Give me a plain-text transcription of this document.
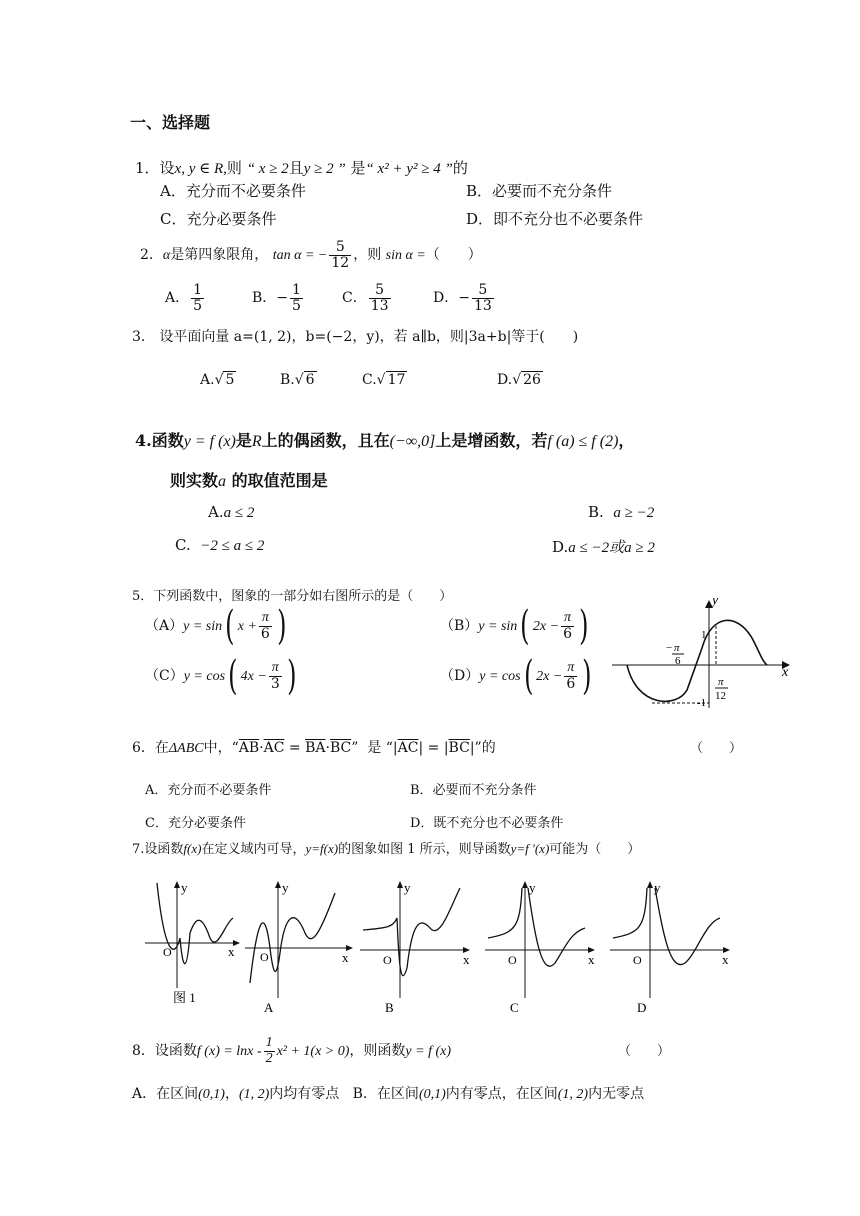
一、选择题
1．设x, y ∈ R,则 “ x ≥ 2且y ≥ 2 ” 是“ x² + y² ≥ 4 ”的
A．充分而不必要条件	B．必要而不充分条件
C．充分必要条件	D．即不充分也不必要条件
2．α是第四象限角， tan α = − $\frac{5}{12}$ ，则 sin α =（　　）
A． $\frac{1}{5}$	B．− $\frac{1}{5}$	C． $\frac{5}{13}$	D．− $\frac{5}{13}$
3． 设平面向量 a=(1, 2)，b=(−2，y)，若 a∥b，则|3a+b|等于(　　)
A.√ 5	B.√ 6	C.√ 17	D.√ 26
4.函数y = f (x)是R上的偶函数，且在(−∞,0]上是增函数，若f (a) ≤ f (2)，
则实数a 的取值范围是
A.a ≤ 2	B. a ≥ −2
C. −2 ≤ a ≤ 2	D.a ≤ −2或a ≥ 2
5．下列函数中，图象的一部分如右图所示的是（　　）
（A）y = sin( $x + \frac{\pi}{6}$ )	（B）y = sin( $2x - \frac{\pi}{6}$ )
（C）y = cos( $4x - \frac{\pi}{3}$ )	（D）y = cos( $2x - \frac{\pi}{6}$ )
y
x
1
-1
− π
6
π
12
6．在ΔABC中，“$\overline{AB}\cdot\overline{AC} = \overline{BA}\cdot\overline{BC}$” 是 “$|\overline{AC}| = |\overline{BC}|$”的	（　　）
A．充分而不必要条件	B．必要而不充分条件
C．充分必要条件	D．既不充分也不必要条件
7.设函数f(x)在定义域内可导，y=f(x)的图象如图 1 所示，则导函数y=f ′(x)可能为（　　）
y
x
O
图 1
y
x
O
A
y
x
O
B
y
x
O
C
y
x
O
D
8．设函数f $(x) = \ln x - \frac{1}{2} x^2 + 1(x > 0)$，则函数y = f (x)	（　　）
A．在区间(0,1)，(1, 2)内均有零点 B．在区间(0,1)内有零点，在区间(1, 2)内无零点
